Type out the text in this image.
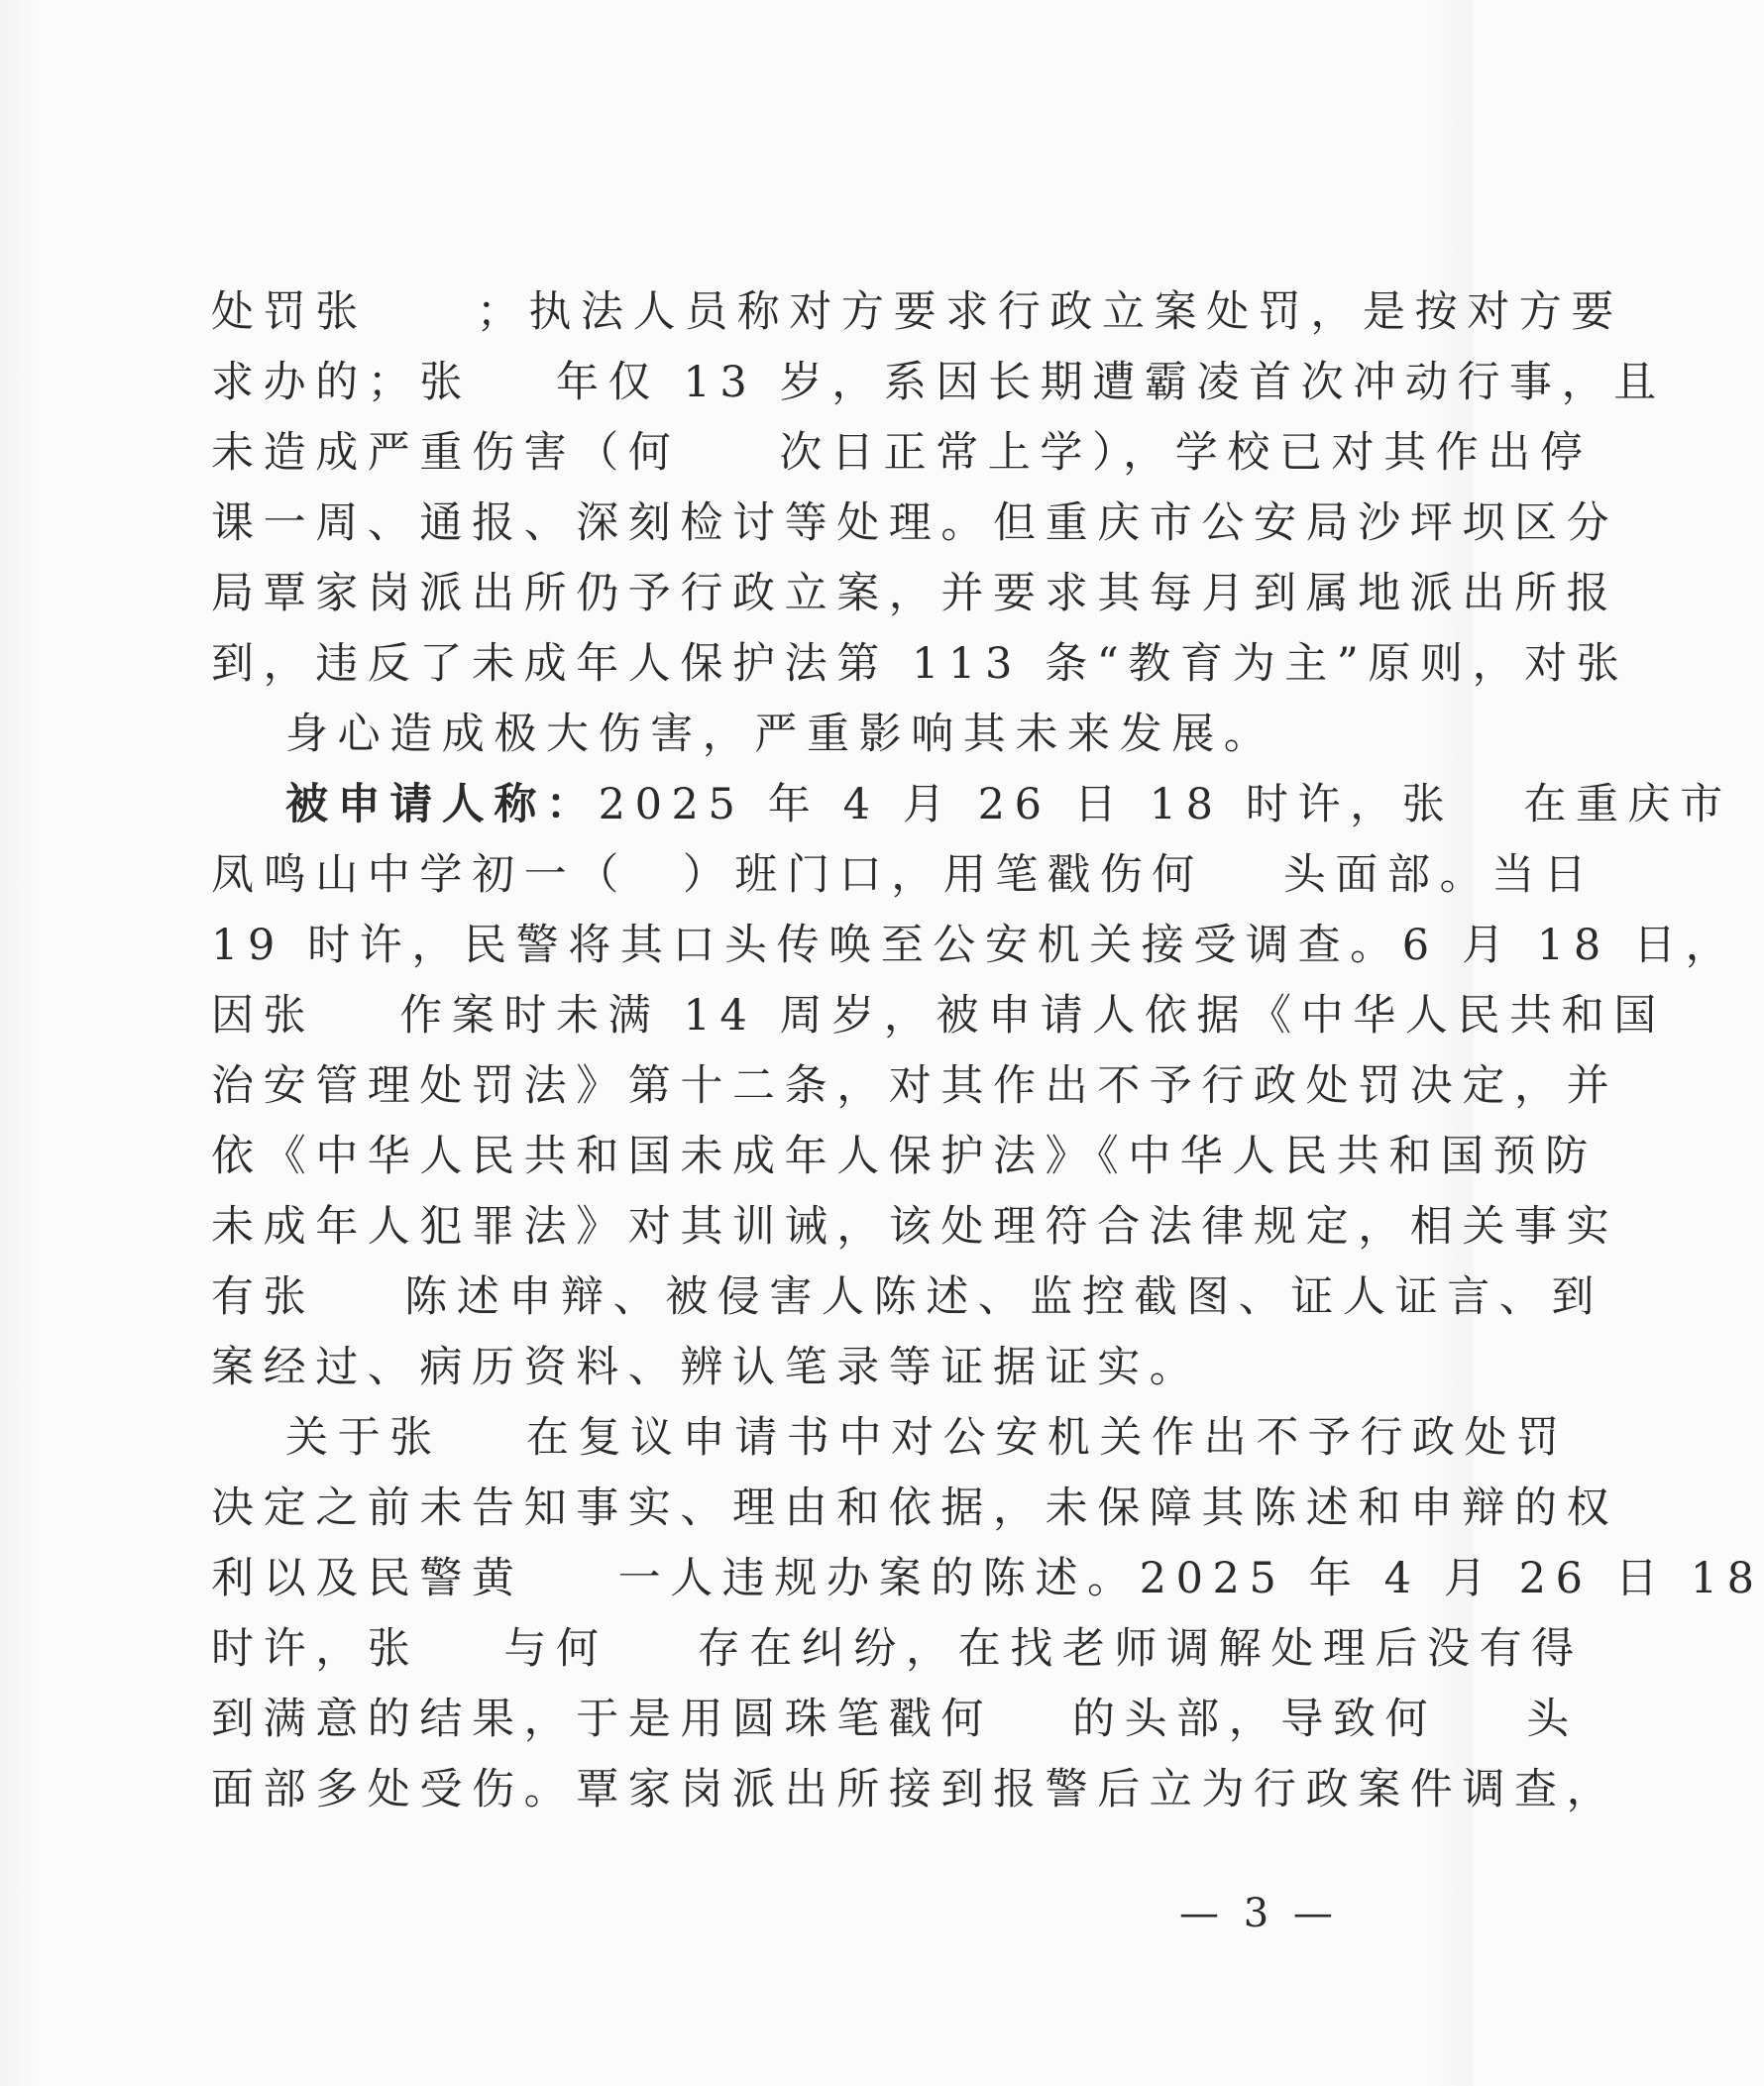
处罚张	；执法人员称对方要求行政立案处罚，是按对方要
求办的；张 年仅 13 岁，系因长期遭霸凌首次冲动行事，且
未造成严重伤害（何 次日正常上学），学校已对其作出停
课一周、通报、深刻检讨等处理。但重庆市公安局沙坪坝区分
局覃家岗派出所仍予行政立案，并要求其每月到属地派出所报
到，违反了未成年人保护法第 113 条“教育为主”原则，对张
身心造成极大伤害，严重影响其未来发展。
被申请人称：2025 年 4 月 26 日 18 时许，张 在重庆市
凤鸣山中学初一（ ）班门口，用笔戳伤何 头面部。当日
19 时许，民警将其口头传唤至公安机关接受调查。6 月 18 日，
因张 作案时未满 14 周岁，被申请人依据《中华人民共和国
治安管理处罚法》第十二条，对其作出不予行政处罚决定，并
依《中华人民共和国未成年人保护法》《中华人民共和国预防
未成年人犯罪法》对其训诫，该处理符合法律规定，相关事实
有张 陈述申辩、被侵害人陈述、监控截图、证人证言、到
案经过、病历资料、辨认笔录等证据证实。
关于张 在复议申请书中对公安机关作出不予行政处罚
决定之前未告知事实、理由和依据，未保障其陈述和申辩的权
利以及民警黄 一人违规办案的陈述。2025 年 4 月 26 日 18
时许，张 与何 存在纠纷，在找老师调解处理后没有得
到满意的结果，于是用圆珠笔戳何 的头部，导致何 头
面部多处受伤。覃家岗派出所接到报警后立为行政案件调查，
— 3 —
